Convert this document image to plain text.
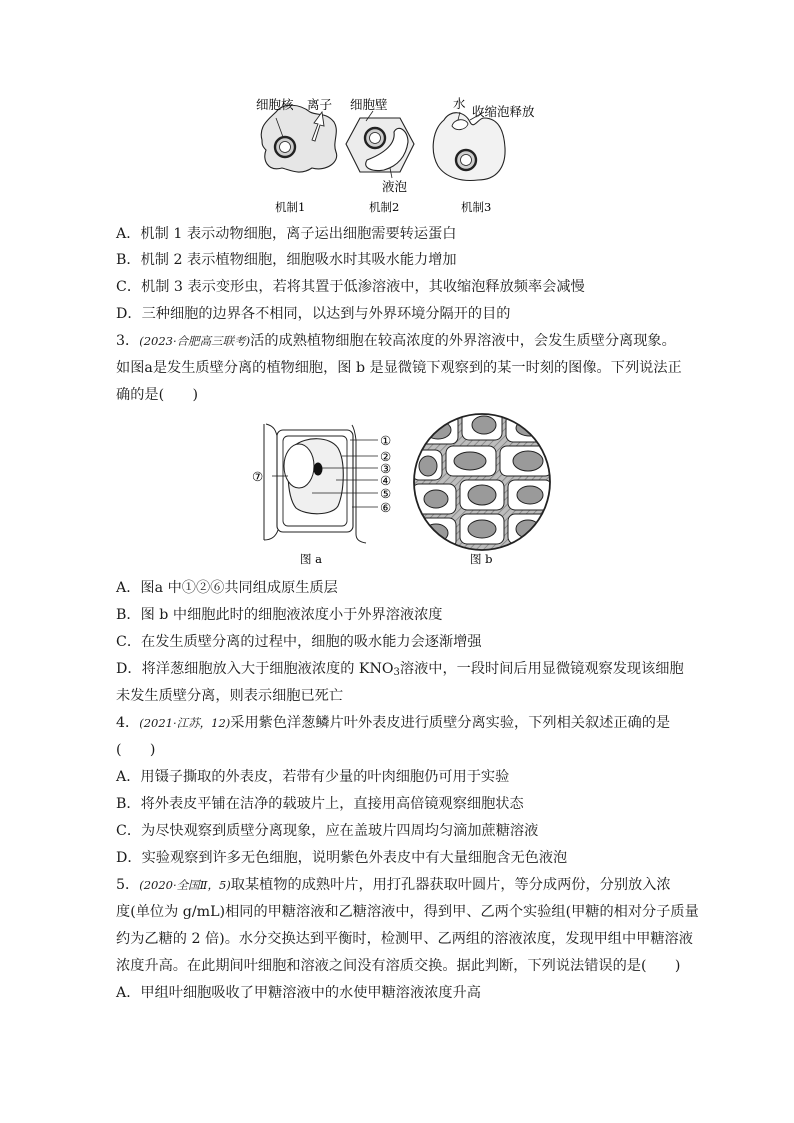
细胞核 离子 细胞壁	水
收缩泡释放
液泡
机制1	机制2	机制3
A．机制 1 表示动物细胞，离子运出细胞需要转运蛋白
B．机制 2 表示植物细胞，细胞吸水时其吸水能力增加
C．机制 3 表示变形虫，若将其置于低渗溶液中，其收缩泡释放频率会减慢
D．三种细胞的边界各不相同，以达到与外界环境分隔开的目的
3．(2023·合肥高三联考)活的成熟植物细胞在较高浓度的外界溶液中，会发生质壁分离现象。
如图a是发生质壁分离的植物细胞，图 b 是显微镜下观察到的某一时刻的图像。下列说法正
确的是(　　)
①
②
③
④
⑤
⑥
⑦
图 a	图 b
A．图a 中①②⑥共同组成原生质层
B．图 b 中细胞此时的细胞液浓度小于外界溶液浓度
C．在发生质壁分离的过程中，细胞的吸水能力会逐渐增强
D．将洋葱细胞放入大于细胞液浓度的 $KNO_3$溶液中，一段时间后用显微镜观察发现该细胞
未发生质壁分离，则表示细胞已死亡
4．(2021·江苏，12)采用紫色洋葱鳞片叶外表皮进行质壁分离实验，下列相关叙述正确的是
(　　)
A．用镊子撕取的外表皮，若带有少量的叶肉细胞仍可用于实验
B．将外表皮平铺在洁净的载玻片上，直接用高倍镜观察细胞状态
C．为尽快观察到质壁分离现象，应在盖玻片四周均匀滴加蔗糖溶液
D．实验观察到许多无色细胞，说明紫色外表皮中有大量细胞含无色液泡
5．(2020·全国Ⅱ，5)取某植物的成熟叶片，用打孔器获取叶圆片，等分成两份，分别放入浓
度(单位为 g/mL)相同的甲糖溶液和乙糖溶液中，得到甲、乙两个实验组(甲糖的相对分子质量
约为乙糖的 2 倍)。水分交换达到平衡时，检测甲、乙两组的溶液浓度，发现甲组中甲糖溶液
浓度升高。在此期间叶细胞和溶液之间没有溶质交换。据此判断，下列说法错误的是(　　)
A．甲组叶细胞吸收了甲糖溶液中的水使甲糖溶液浓度升高
